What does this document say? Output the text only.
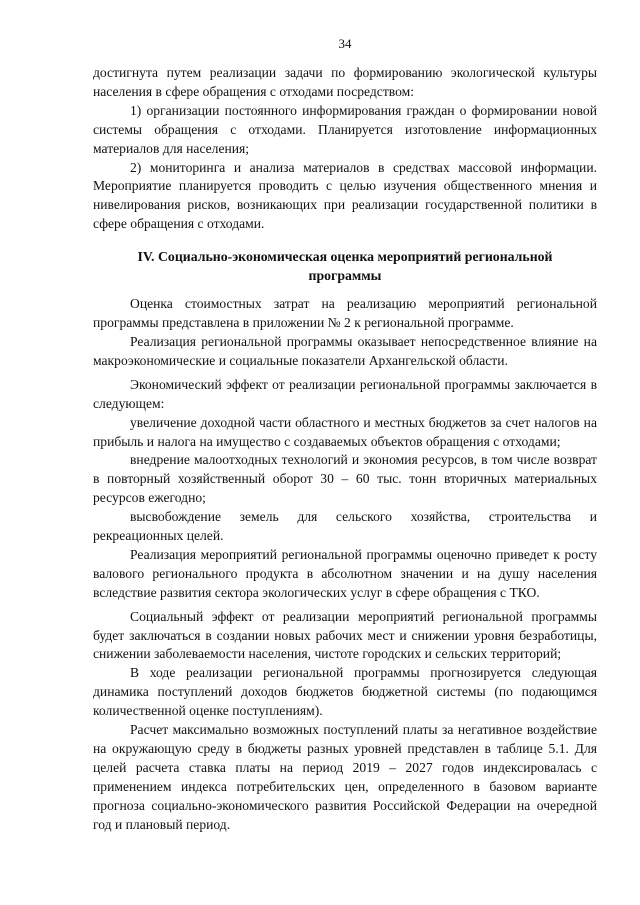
34

достигнута путем реализации задачи по формированию экологической культуры населения в сфере обращения с отходами посредством:

1) организации постоянного информирования граждан о формировании новой системы обращения с отходами. Планируется изготовление информационных материалов для населения;

2) мониторинга и анализа материалов в средствах массовой информации. Мероприятие планируется проводить с целью изучения общественного мнения и нивелирования рисков, возникающих при реализации государственной политики в сфере обращения с отходами.

IV. Социально-экономическая оценка мероприятий региональной программы

Оценка стоимостных затрат на реализацию мероприятий региональной программы представлена в приложении № 2 к региональной программе.

Реализация региональной программы оказывает непосредственное влияние на макроэкономические и социальные показатели Архангельской области.

Экономический эффект от реализации региональной программы заключается в следующем:

увеличение доходной части областного и местных бюджетов за счет налогов на прибыль и налога на имущество с создаваемых объектов обращения с отходами;

внедрение малоотходных технологий и экономия ресурсов, в том числе возврат в повторный хозяйственный оборот 30 – 60 тыс. тонн вторичных материальных ресурсов ежегодно;

высвобождение земель для сельского хозяйства, строительства и рекреационных целей.

Реализация мероприятий региональной программы оценочно приведет к росту валового регионального продукта в абсолютном значении и на душу населения вследствие развития сектора экологических услуг в сфере обращения с ТКО.

Социальный эффект от реализации мероприятий региональной программы будет заключаться в создании новых рабочих мест и снижении уровня безработицы, снижении заболеваемости населения, чистоте городских и сельских территорий;

В ходе реализации региональной программы прогнозируется следующая динамика поступлений доходов бюджетов бюджетной системы (по подающимся количественной оценке поступлениям).

Расчет максимально возможных поступлений платы за негативное воздействие на окружающую среду в бюджеты разных уровней представлен в таблице 5.1. Для целей расчета ставка платы на период 2019 – 2027 годов индексировалась с применением индекса потребительских цен, определенного в базовом варианте прогноза социально-экономического развития Российской Федерации на очередной год и плановый период.
